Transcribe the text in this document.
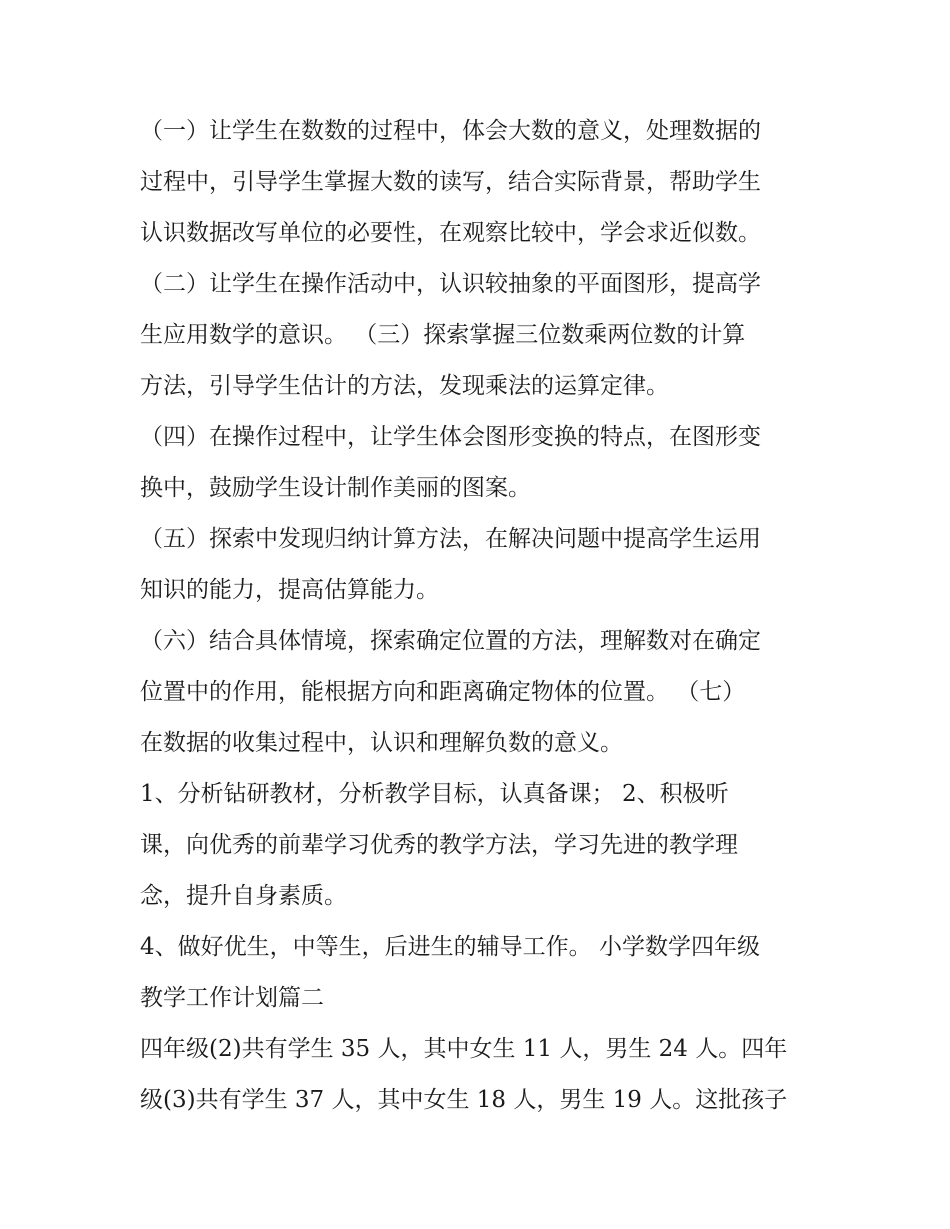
（一）让学生在数数的过程中，体会大数的意义，处理数据的
过程中，引导学生掌握大数的读写，结合实际背景，帮助学生
认识数据改写单位的必要性，在观察比较中，学会求近似数。
（二）让学生在操作活动中，认识较抽象的平面图形，提高学
生应用数学的意识。 （三）探索掌握三位数乘两位数的计算
方法，引导学生估计的方法，发现乘法的运算定律。
（四）在操作过程中，让学生体会图形变换的特点，在图形变
换中，鼓励学生设计制作美丽的图案。
（五）探索中发现归纳计算方法，在解决问题中提高学生运用
知识的能力，提高估算能力。
（六）结合具体情境，探索确定位置的方法，理解数对在确定
位置中的作用，能根据方向和距离确定物体的位置。 （七）
在数据的收集过程中，认识和理解负数的意义。
1、分析钻研教材，分析教学目标，认真备课； 2、积极听
课，向优秀的前辈学习优秀的教学方法，学习先进的教学理
念，提升自身素质。
4、做好优生，中等生，后进生的辅导工作。 小学数学四年级
教学工作计划篇二
四年级(2)共有学生 35 人，其中女生 11 人，男生 24 人。四年
级(3)共有学生 37 人，其中女生 18 人，男生 19 人。这批孩子
